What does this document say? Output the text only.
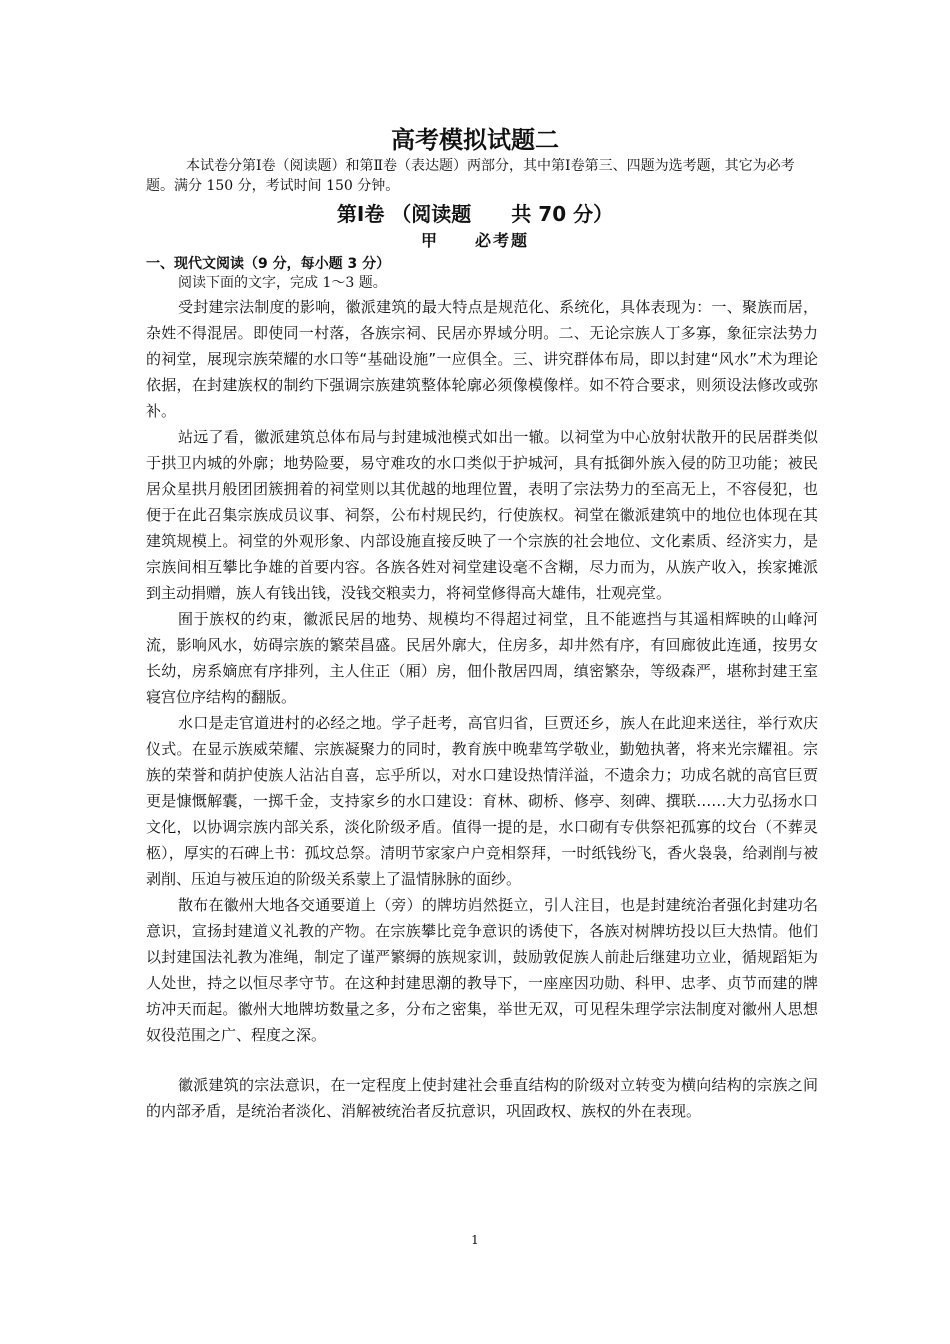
高考模拟试题二
本试卷分第Ⅰ卷（阅读题）和第Ⅱ卷（表达题）两部分，其中第Ⅰ卷第三、四题为选考题，其它为必考题。满分 150 分，考试时间 150 分钟。
第Ⅰ卷 （阅读题　　共 70 分）
甲　　必考题
一、现代文阅读（9 分，每小题 3 分）
阅读下面的文字，完成 1～3 题。

受封建宗法制度的影响，徽派建筑的最大特点是规范化、系统化，具体表现为：一、聚族而居，杂姓不得混居。即使同一村落，各族宗祠、民居亦界域分明。二、无论宗族人丁多寡，象征宗法势力的祠堂，展现宗族荣耀的水口等“基础设施”一应俱全。三、讲究群体布局，即以封建“风水”术为理论依据，在封建族权的制约下强调宗族建筑整体轮廓必须像模像样。如不符合要求，则须设法修改或弥补。

站远了看，徽派建筑总体布局与封建城池模式如出一辙。以祠堂为中心放射状散开的民居群类似于拱卫内城的外廓；地势险要，易守难攻的水口类似于护城河，具有抵御外族入侵的防卫功能；被民居众星拱月般团团簇拥着的祠堂则以其优越的地理位置，表明了宗法势力的至高无上，不容侵犯，也便于在此召集宗族成员议事、祠祭，公布村规民约，行使族权。祠堂在徽派建筑中的地位也体现在其建筑规模上。祠堂的外观形象、内部设施直接反映了一个宗族的社会地位、文化素质、经济实力，是宗族间相互攀比争雄的首要内容。各族各姓对祠堂建设毫不含糊，尽力而为，从族产收入，挨家摊派到主动捐赠，族人有钱出钱，没钱交粮卖力，将祠堂修得高大雄伟，壮观亮堂。

囿于族权的约束，徽派民居的地势、规模均不得超过祠堂，且不能遮挡与其遥相辉映的山峰河流，影响风水，妨碍宗族的繁荣昌盛。民居外廓大，住房多，却井然有序，有回廊彼此连通，按男女长幼，房系嫡庶有序排列，主人住正（厢）房，佃仆散居四周，缜密繁杂，等级森严，堪称封建王室寝宫位序结构的翻版。

水口是走官道进村的必经之地。学子赶考，高官归省，巨贾还乡，族人在此迎来送往，举行欢庆仪式。在显示族威荣耀、宗族凝聚力的同时，教育族中晚辈笃学敬业，勤勉执著，将来光宗耀祖。宗族的荣誉和荫护使族人沾沾自喜，忘乎所以，对水口建设热情洋溢，不遗余力；功成名就的高官巨贾更是慷慨解囊，一掷千金，支持家乡的水口建设：育林、砌桥、修亭、刻碑、撰联……大力弘扬水口文化，以协调宗族内部关系，淡化阶级矛盾。值得一提的是，水口砌有专供祭祀孤寡的坟台（不葬灵柩），厚实的石碑上书：孤坟总祭。清明节家家户户竞相祭拜，一时纸钱纷飞，香火袅袅，给剥削与被剥削、压迫与被压迫的阶级关系蒙上了温情脉脉的面纱。

散布在徽州大地各交通要道上（旁）的牌坊岿然挺立，引人注目，也是封建统治者强化封建功名意识，宣扬封建道义礼教的产物。在宗族攀比竞争意识的诱使下，各族对树牌坊投以巨大热情。他们以封建国法礼教为准绳，制定了谨严繁缛的族规家训，鼓励敦促族人前赴后继建功立业，循规蹈矩为人处世，持之以恒尽孝守节。在这种封建思潮的教导下，一座座因功勋、科甲、忠孝、贞节而建的牌坊冲天而起。徽州大地牌坊数量之多，分布之密集，举世无双，可见程朱理学宗法制度对徽州人思想奴役范围之广、程度之深。

徽派建筑的宗法意识，在一定程度上使封建社会垂直结构的阶级对立转变为横向结构的宗族之间的内部矛盾，是统治者淡化、消解被统治者反抗意识，巩固政权、族权的外在表现。

1
